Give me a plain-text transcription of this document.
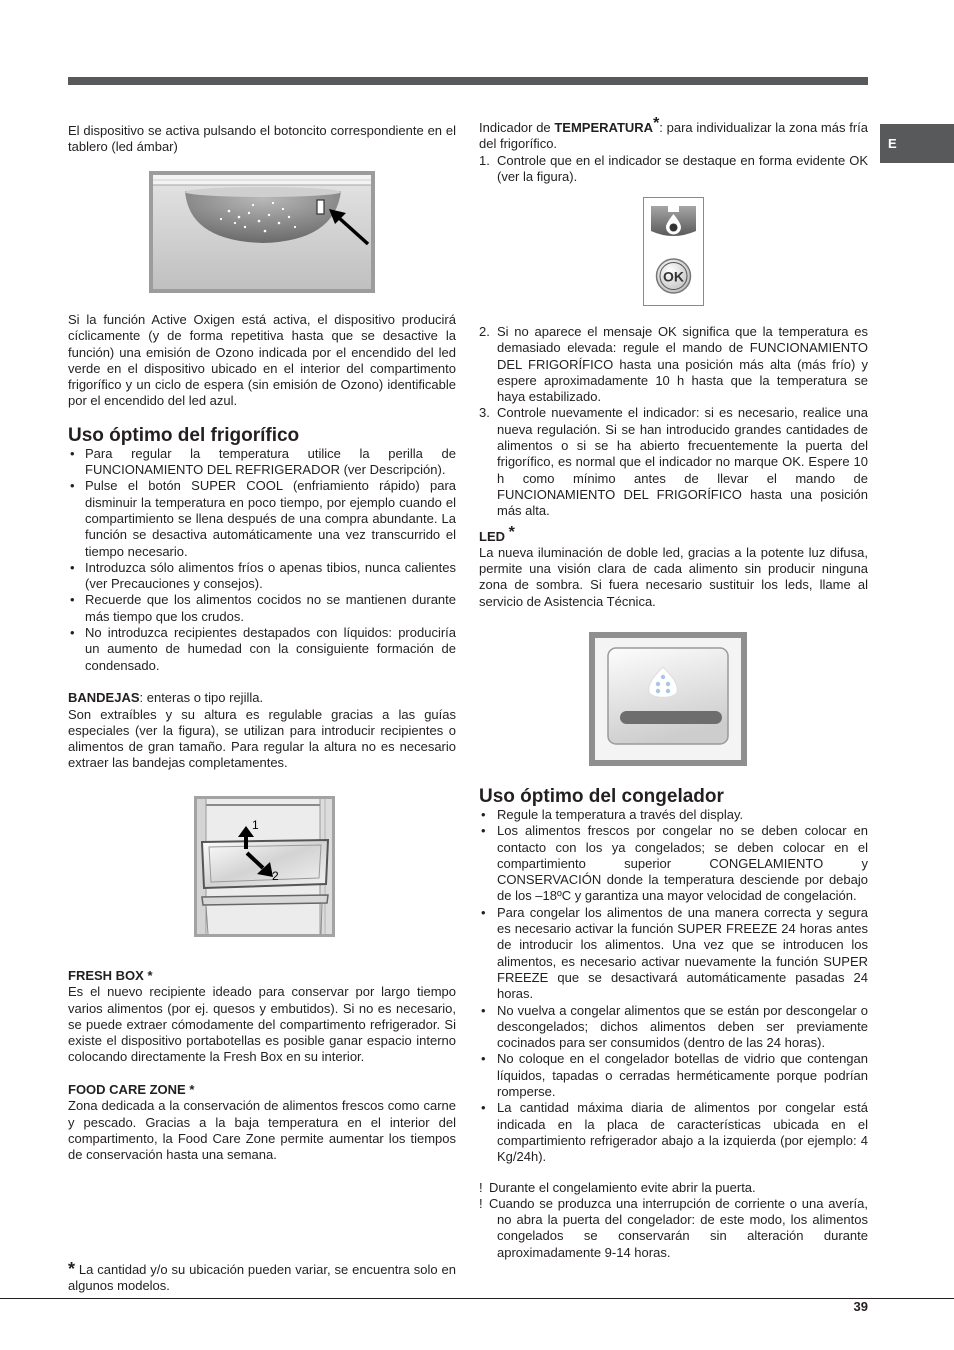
E
39

El dispositivo se activa pulsando el botoncito correspondiente en el tablero (led ámbar)

Si la función Active Oxigen está activa, el dispositivo producirá cíclicamente (y de forma repetitiva hasta que se desactive la función) una emisión de Ozono indicada por el encendido del led verde en el dispositivo ubicado en el interior del compartimento frigorífico y un ciclo de espera (sin emisión de Ozono) identificable por el encendido del led azul.

Uso óptimo del frigorífico
• Para regular la temperatura utilice la perilla de FUNCIONAMIENTO DEL REFRIGERADOR (ver Descripción).
• Pulse el botón SUPER COOL (enfriamiento rápido) para disminuir la temperatura en poco tiempo, por ejemplo cuando el compartimiento se llena después de una compra abundante. La función se desactiva automáticamente una vez transcurrido el tiempo necesario.
• Introduzca sólo alimentos fríos o apenas tibios, nunca calientes (ver Precauciones y consejos).
• Recuerde que los alimentos cocidos no se mantienen durante más tiempo que los crudos.
• No introduzca recipientes destapados con líquidos: produciría un aumento de humedad con la consiguiente formación de condensado.

BANDEJAS: enteras o tipo rejilla.

Son extraíbles y su altura es regulable gracias a las guías especiales (ver la figura), se utilizan para introducir recipientes o alimentos de gran tamaño. Para regular la altura no es necesario extraer las bandejas completamentes.

1
2

FRESH BOX *

Es el nuevo recipiente ideado para conservar por largo tiempo varios alimentos (por ej. quesos y embutidos). Si no es necesario, se puede extraer cómodamente del compartimento refrigerador. Si existe el dispositivo portabotellas es posible ganar espacio interno colocando directamente la Fresh Box en su interior.

FOOD CARE ZONE *

Zona dedicada a la conservación de alimentos frescos como carne y pescado. Gracias a la baja temperatura en el interior del compartimento, la Food Care Zone permite aumentar los tiempos de conservación hasta una semana.

* La cantidad y/o su ubicación pueden variar, se encuentra solo en algunos modelos.

Indicador de TEMPERATURA*: para individualizar la zona más fría del frigorífico.

1. Controle que en el indicador se destaque en forma evidente OK (ver la figura).

OK

2. Si no aparece el mensaje OK significa que la temperatura es demasiado elevada: regule el mando de FUNCIONAMIENTO DEL FRIGORÍFICO hasta una posición más alta (más frío) y espere aproximadamente 10 h hasta que la temperatura se haya estabilizado.

3. Controle nuevamente el indicador: si es necesario, realice una nueva regulación. Si se han introducido grandes cantidades de alimentos o si se ha abierto frecuentemente la puerta del frigorífico, es normal que el indicador no marque OK. Espere 10 h como mínimo antes de llevar el mando de FUNCIONAMIENTO DEL FRIGORÍFICO hasta una posición más alta.

LED *

La nueva iluminación de doble led, gracias a la potente luz difusa, permite una visión clara de cada alimento sin producir ninguna zona de sombra. Si fuera necesario sustituir los leds, llame al servicio de Asistencia Técnica.

Uso óptimo del congelador
• Regule la temperatura a través del display.
• Los alimentos frescos por congelar no se deben colocar en contacto con los ya congelados; se deben colocar en el compartimiento superior CONGELAMIENTO y CONSERVACIÓN donde la temperatura desciende por debajo de los –18ºC y garantiza una mayor velocidad de congelación.
• Para congelar los alimentos de una manera correcta y segura es necesario activar la función SUPER FREEZE 24 horas antes de introducir los alimentos. Una vez que se introducen los alimentos, es necesario activar nuevamente la función SUPER FREEZE que se desactivará automáticamente pasadas 24 horas.
• No vuelva a congelar alimentos que se están por descongelar o descongelados; dichos alimentos deben ser previamente cocinados para ser consumidos (dentro de las 24 horas).
• No coloque en el congelador botellas de vidrio que contengan líquidos, tapadas o cerradas herméticamente porque podrían romperse.
• La cantidad máxima diaria de alimentos por congelar está indicada en la placa de características ubicada en el compartimiento refrigerador abajo a la izquierda (por ejemplo: 4 Kg/24h).

! Durante el congelamiento evite abrir la puerta.

! Cuando se produzca una interrupción de corriente o una avería, no abra la puerta del congelador: de este modo, los alimentos congelados se conservarán sin alteración durante aproximadamente 9-14 horas.
